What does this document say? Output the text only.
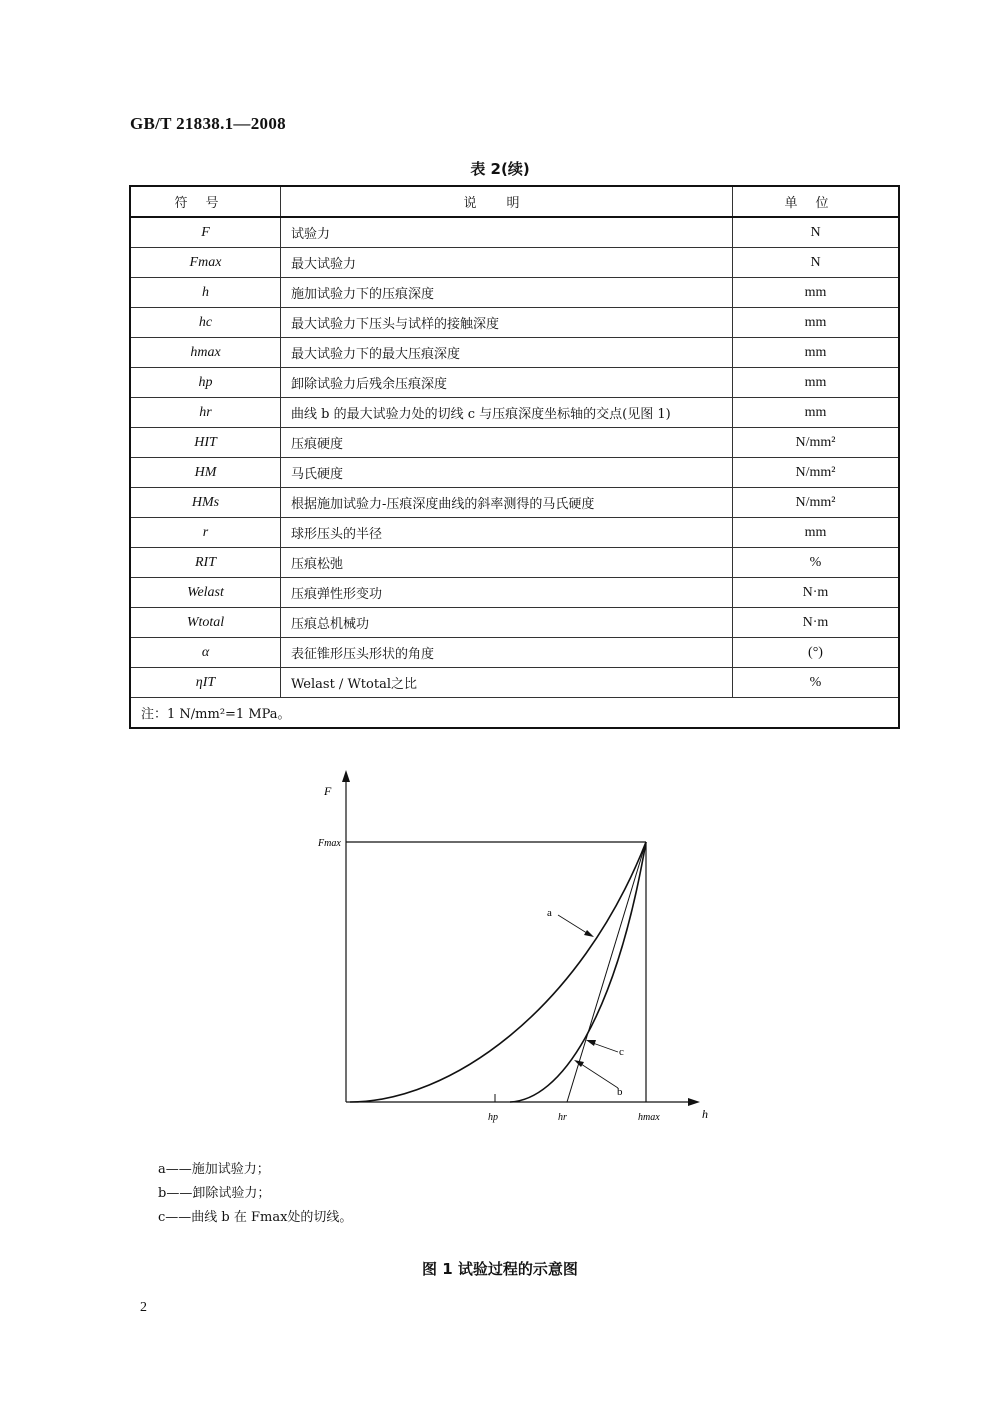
GB/T 21838.1—2008
表 2(续)
符号	说明	单位
F	试验力	N
Fmax	最大试验力	N
h	施加试验力下的压痕深度	mm
hc	最大试验力下压头与试样的接触深度	mm
hmax	最大试验力下的最大压痕深度	mm
hp	卸除试验力后残余压痕深度	mm
hr	曲线 b 的最大试验力处的切线 c 与压痕深度坐标轴的交点(见图 1)	mm
HIT	压痕硬度	N/mm²
HM	马氏硬度	N/mm²
HMs	根据施加试验力-压痕深度曲线的斜率测得的马氏硬度	N/mm²
r	球形压头的半径	mm
RIT	压痕松弛	%
Welast	压痕弹性形变功	N·m
Wtotal	压痕总机械功	N·m
α	表征锥形压头形状的角度	(°)
ηIT	Welast / Wtotal之比	%
注：1 N/mm²=1 MPa。		
F
Fmax
hp	hr	hmax	h
a
c
b
a——施加试验力；
b——卸除试验力；
c——曲线 b 在 Fmax处的切线。
图 1 试验过程的示意图
2
